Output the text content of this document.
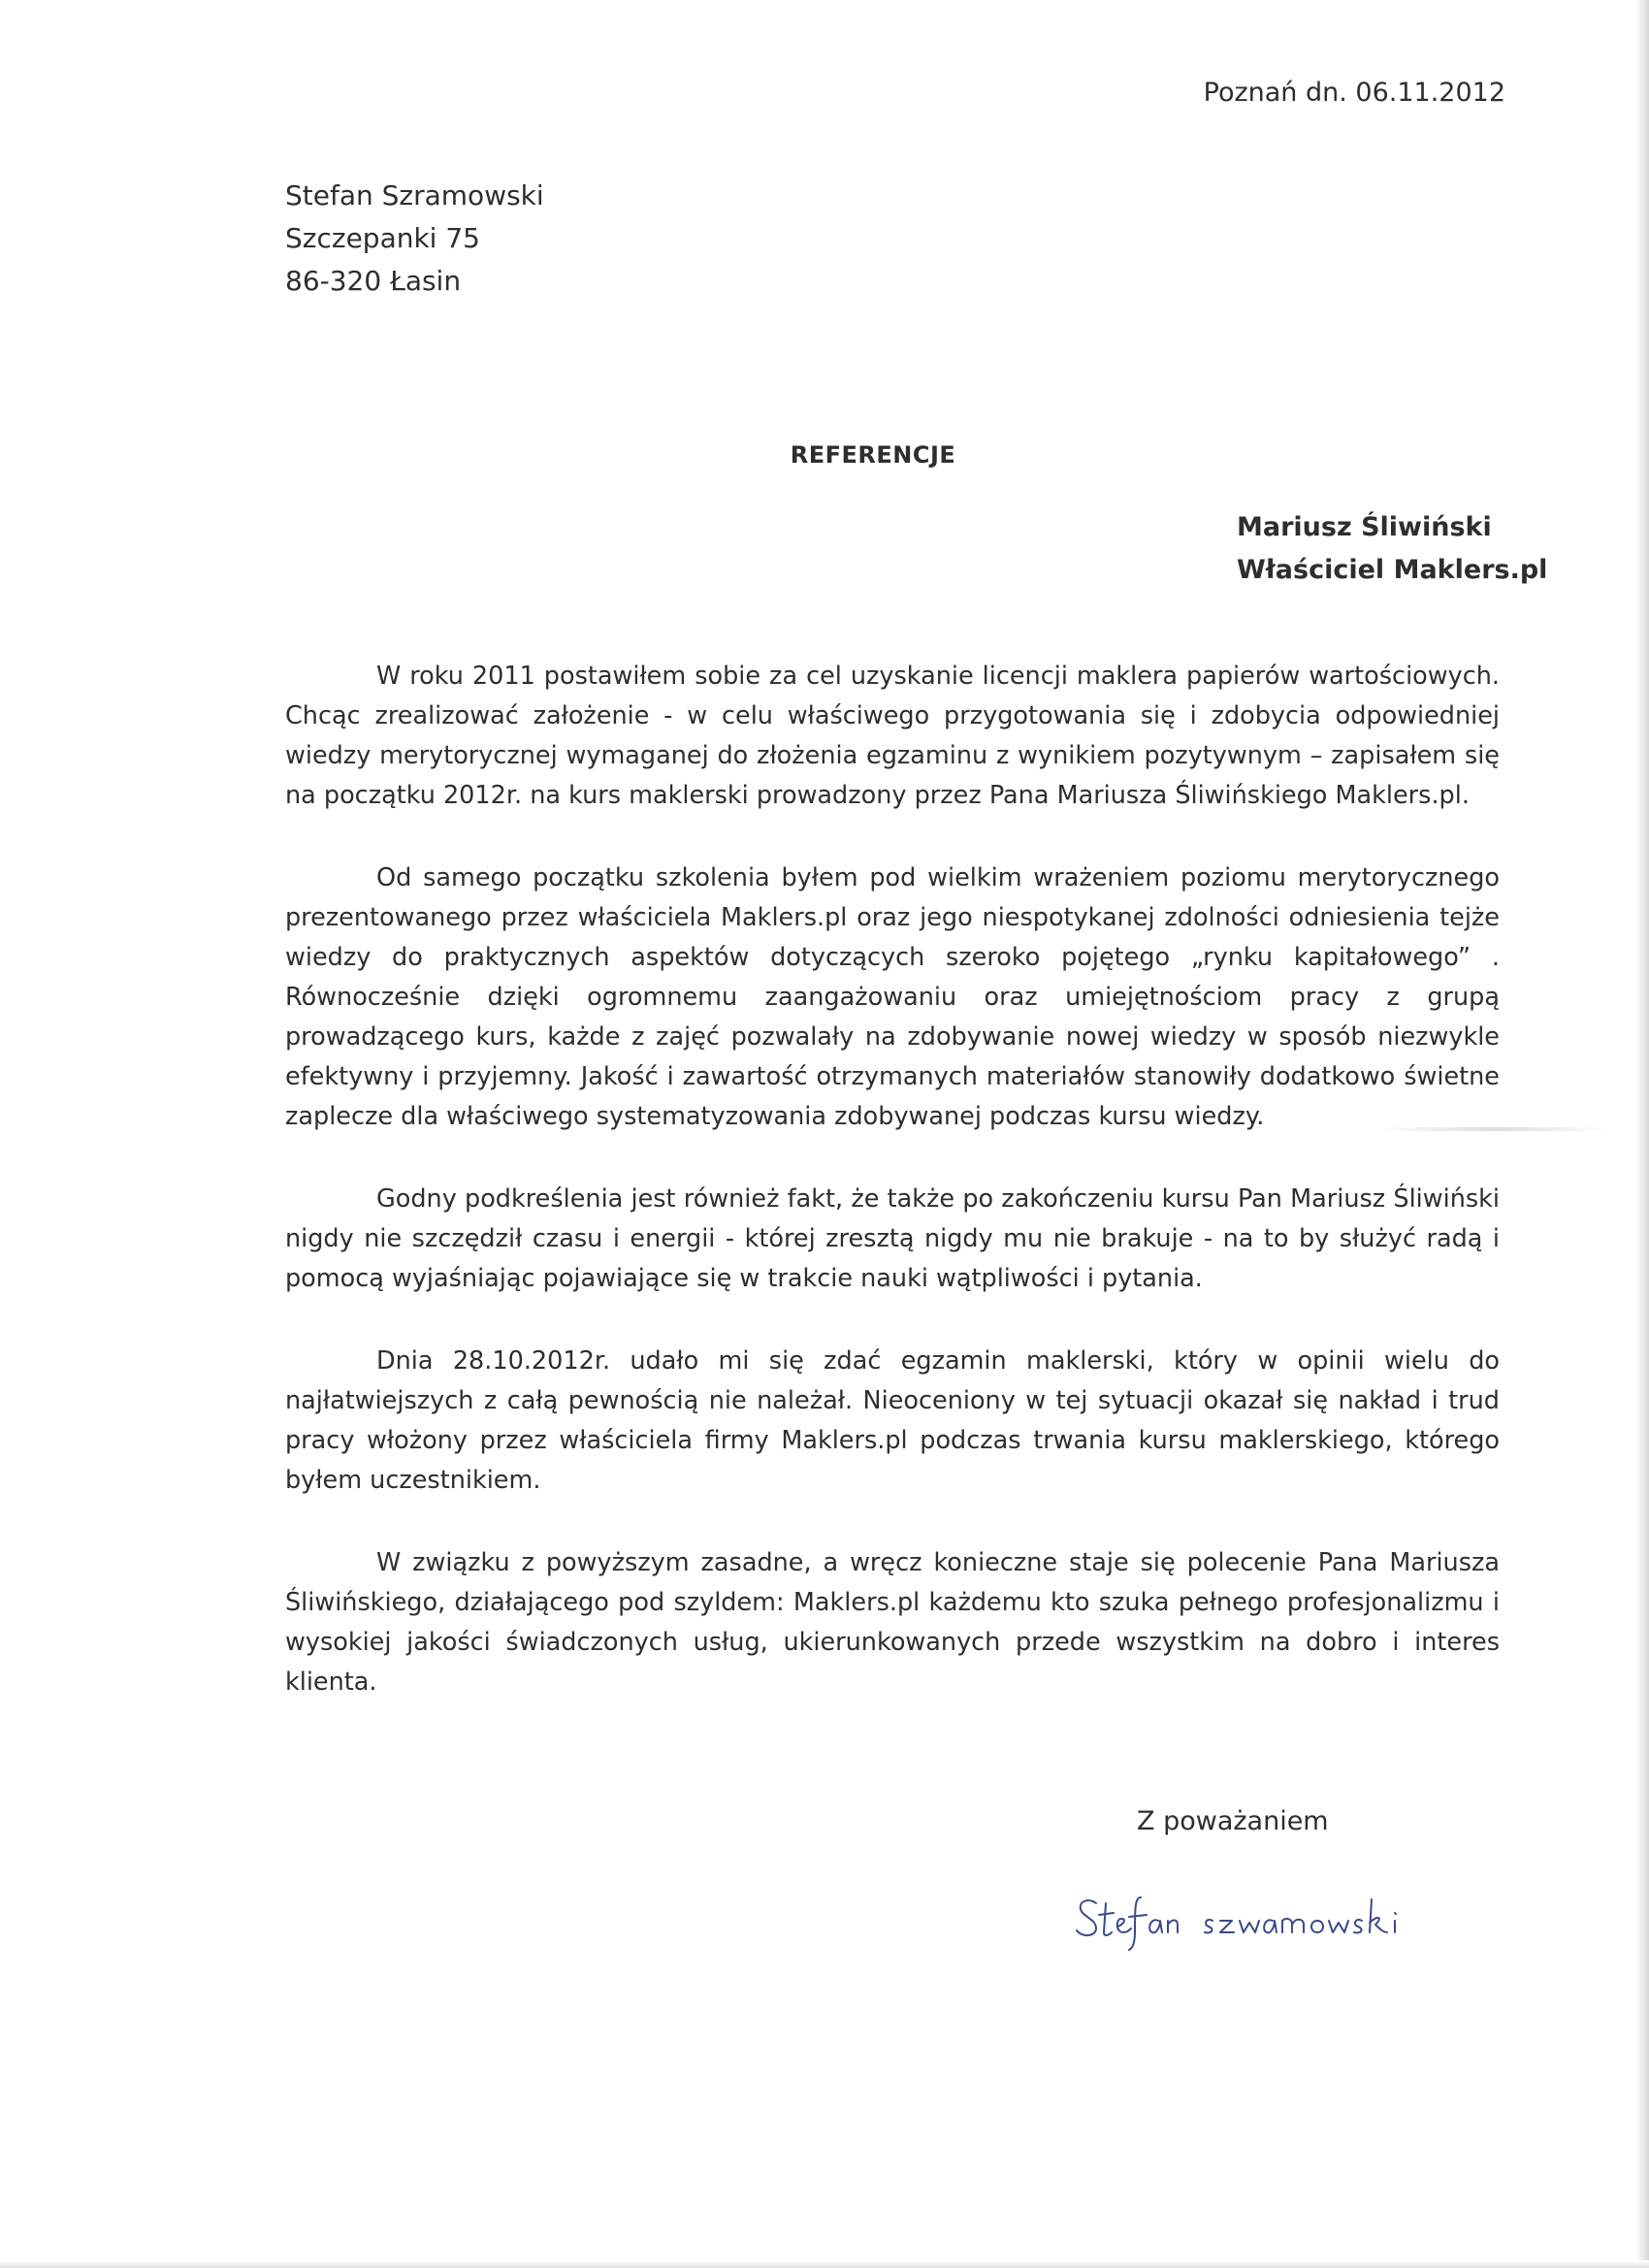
Poznań dn. 06.11.2012
Stefan Szramowski
Szczepanki 75
86-320 Łasin
REFERENCJE
Mariusz Śliwiński
Właściciel Maklers.pl

W roku 2011 postawiłem sobie za cel uzyskanie licencji maklera papierów wartościowych. Chcąc zrealizować założenie - w celu właściwego przygotowania się i zdobycia odpowiedniej wiedzy merytorycznej wymaganej do złożenia egzaminu z wynikiem pozytywnym – zapisałem się na początku 2012r. na kurs maklerski prowadzony przez Pana Mariusza Śliwińskiego Maklers.pl.

Od samego początku szkolenia byłem pod wielkim wrażeniem poziomu merytorycznego prezentowanego przez właściciela Maklers.pl oraz jego niespotykanej zdolności odniesienia tejże wiedzy do praktycznych aspektów dotyczących szeroko pojętego „rynku kapitałowego” . Równocześnie dzięki ogromnemu zaangażowaniu oraz umiejętnościom pracy z grupą prowadzącego kurs, każde z zajęć pozwalały na zdobywanie nowej wiedzy w sposób niezwykle efektywny i przyjemny. Jakość i zawartość otrzymanych materiałów stanowiły dodatkowo świetne zaplecze dla właściwego systematyzowania zdobywanej podczas kursu wiedzy.

Godny podkreślenia jest również fakt, że także po zakończeniu kursu Pan Mariusz Śliwiński nigdy nie szczędził czasu i energii - której zresztą nigdy mu nie brakuje - na to by służyć radą i pomocą wyjaśniając pojawiające się w trakcie nauki wątpliwości i pytania.

Dnia 28.10.2012r. udało mi się zdać egzamin maklerski, który w opinii wielu do najłatwiejszych z całą pewnością nie należał. Nieoceniony w tej sytuacji okazał się nakład i trud pracy włożony przez właściciela firmy Maklers.pl podczas trwania kursu maklerskiego, którego byłem uczestnikiem.

W związku z powyższym zasadne, a wręcz konieczne staje się polecenie Pana Mariusza Śliwińskiego, działającego pod szyldem: Maklers.pl każdemu kto szuka pełnego profesjonalizmu i wysokiej jakości świadczonych usług, ukierunkowanych przede wszystkim na dobro i interes klienta.

Z poważaniem
